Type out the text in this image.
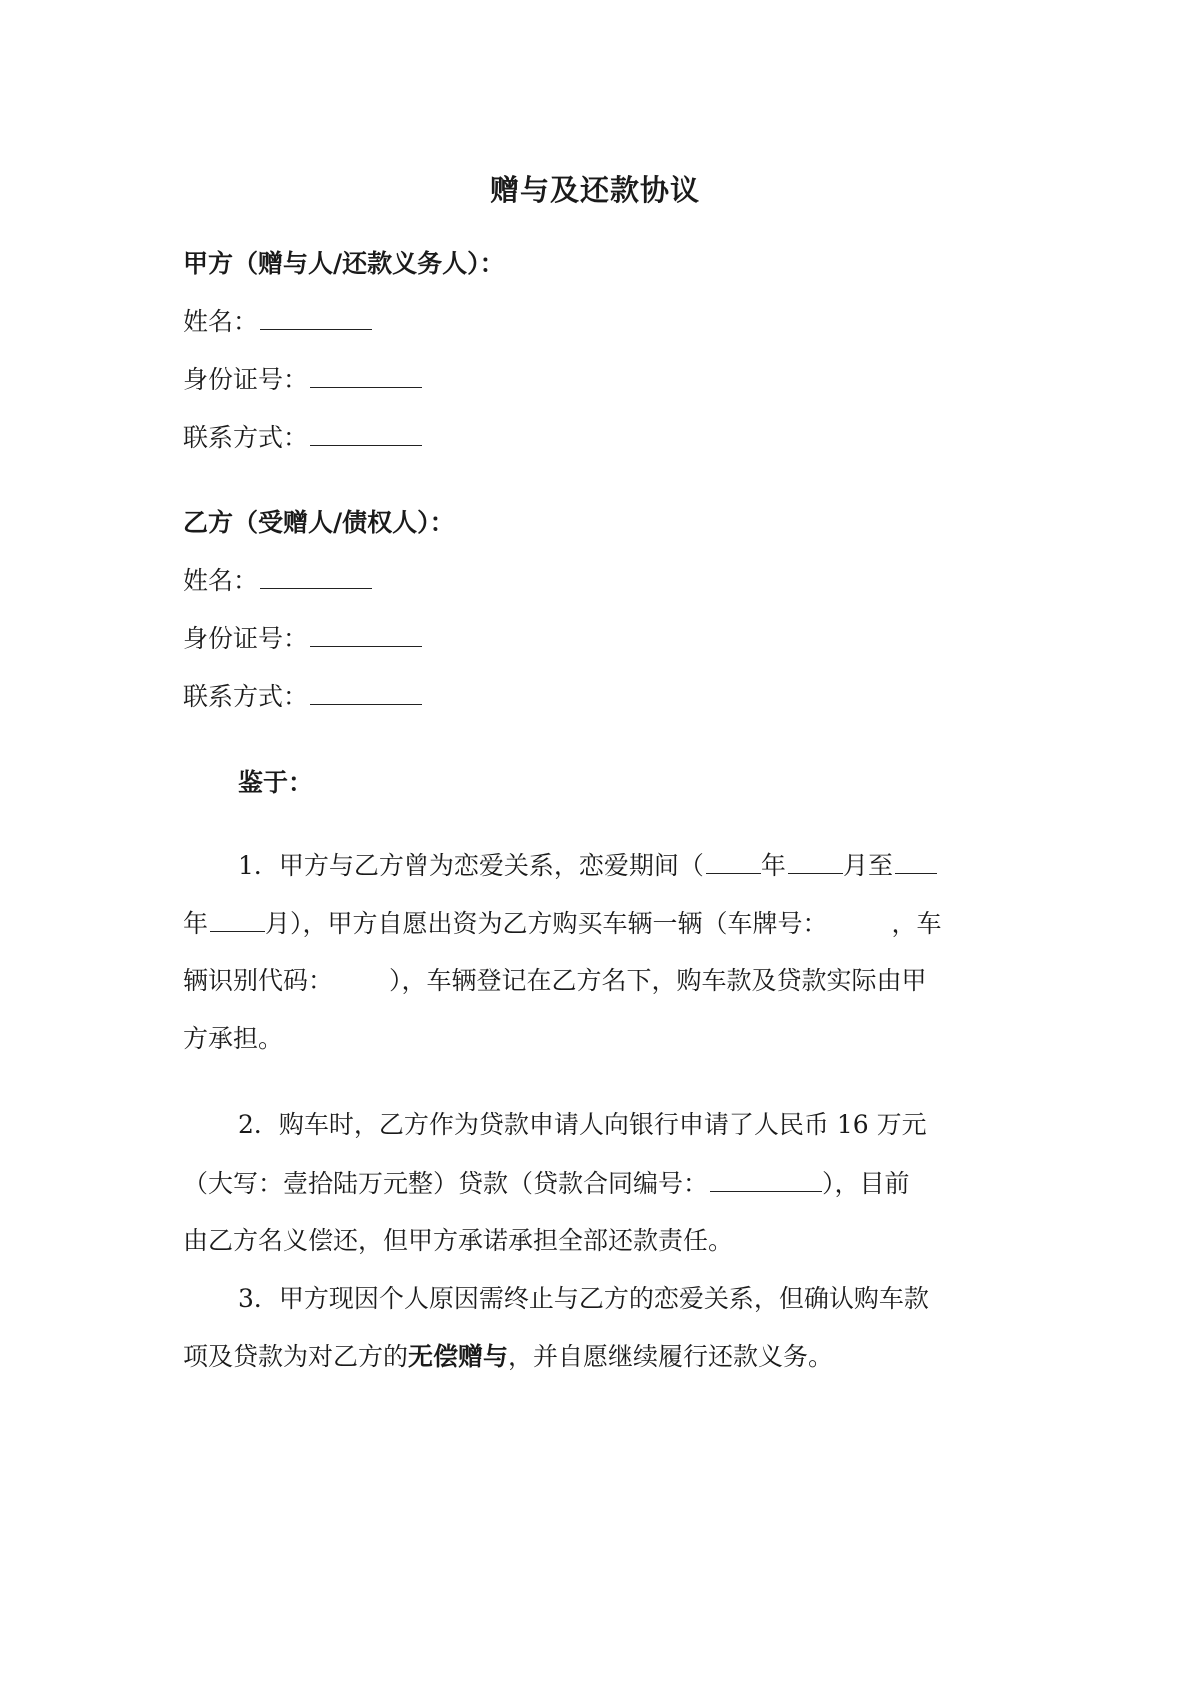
赠与及还款协议
甲方（赠与人/还款义务人）：
姓名：
身份证号：
联系方式：
乙方（受赠人/债权人）：
姓名：
身份证号：
联系方式：
鉴于：
1．甲方与乙方曾为恋爱关系，恋爱期间（ 年 月至
年 月），甲方自愿出资为乙方购买车辆一辆（车牌号：	，车
辆识别代码： ），车辆登记在乙方名下，购车款及贷款实际由甲
方承担。
2．购车时，乙方作为贷款申请人向银行申请了人民币 16 万元
（大写：壹拾陆万元整）贷款（贷款合同编号：	），目前
由乙方名义偿还，但甲方承诺承担全部还款责任。
3．甲方现因个人原因需终止与乙方的恋爱关系，但确认购车款
项及贷款为对乙方的无偿赠与，并自愿继续履行还款义务。
